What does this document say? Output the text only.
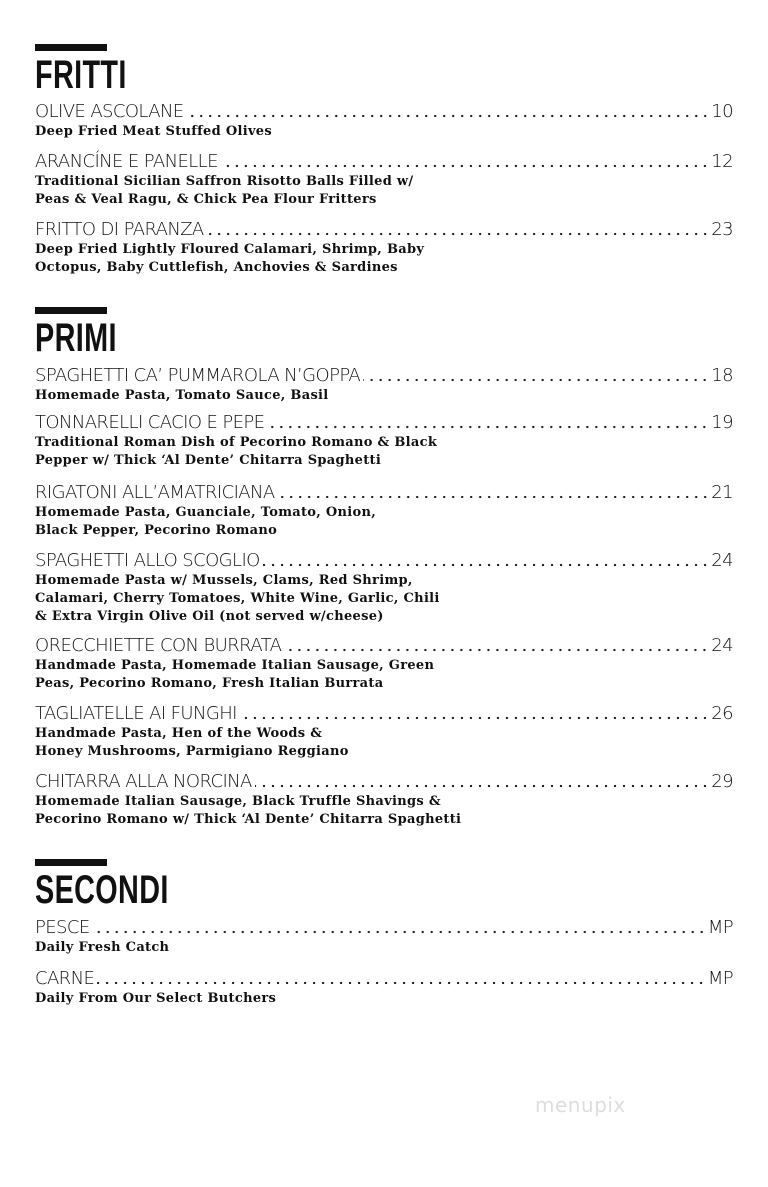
FRITTI
OLIVE ASCOLANE	10
Deep Fried Meat Stuffed Olives
ARANCÍNE E PANELLE	12
Traditional Sicilian Saffron Risotto Balls Filled w/
Peas & Veal Ragu, & Chick Pea Flour Fritters
FRITTO DI PARANZA	23
Deep Fried Lightly Floured Calamari, Shrimp, Baby
Octopus, Baby Cuttlefish, Anchovies & Sardines
PRIMI
SPAGHETTI CA’ PUMMAROLA N’GOPPA	18
Homemade Pasta, Tomato Sauce, Basil
TONNARELLI CACIO E PEPE	19
Traditional Roman Dish of Pecorino Romano & Black
Pepper w/ Thick ‘Al Dente’ Chitarra Spaghetti
RIGATONI ALL’AMATRICIANA	21
Homemade Pasta, Guanciale, Tomato, Onion,
Black Pepper, Pecorino Romano
SPAGHETTI ALLO SCOGLIO	24
Homemade Pasta w/ Mussels, Clams, Red Shrimp,
Calamari, Cherry Tomatoes, White Wine, Garlic, Chili
& Extra Virgin Olive Oil (not served w/cheese)
ORECCHIETTE CON BURRATA	24
Handmade Pasta, Homemade Italian Sausage, Green
Peas, Pecorino Romano, Fresh Italian Burrata
TAGLIATELLE AI FUNGHI	26
Handmade Pasta, Hen of the Woods &
Honey Mushrooms, Parmigiano Reggiano
CHITARRA ALLA NORCINA	29
Homemade Italian Sausage, Black Truffle Shavings &
Pecorino Romano w/ Thick ‘Al Dente’ Chitarra Spaghetti
SECONDI
PESCE	MP
Daily Fresh Catch
CARNE	MP
Daily From Our Select Butchers
menupix
